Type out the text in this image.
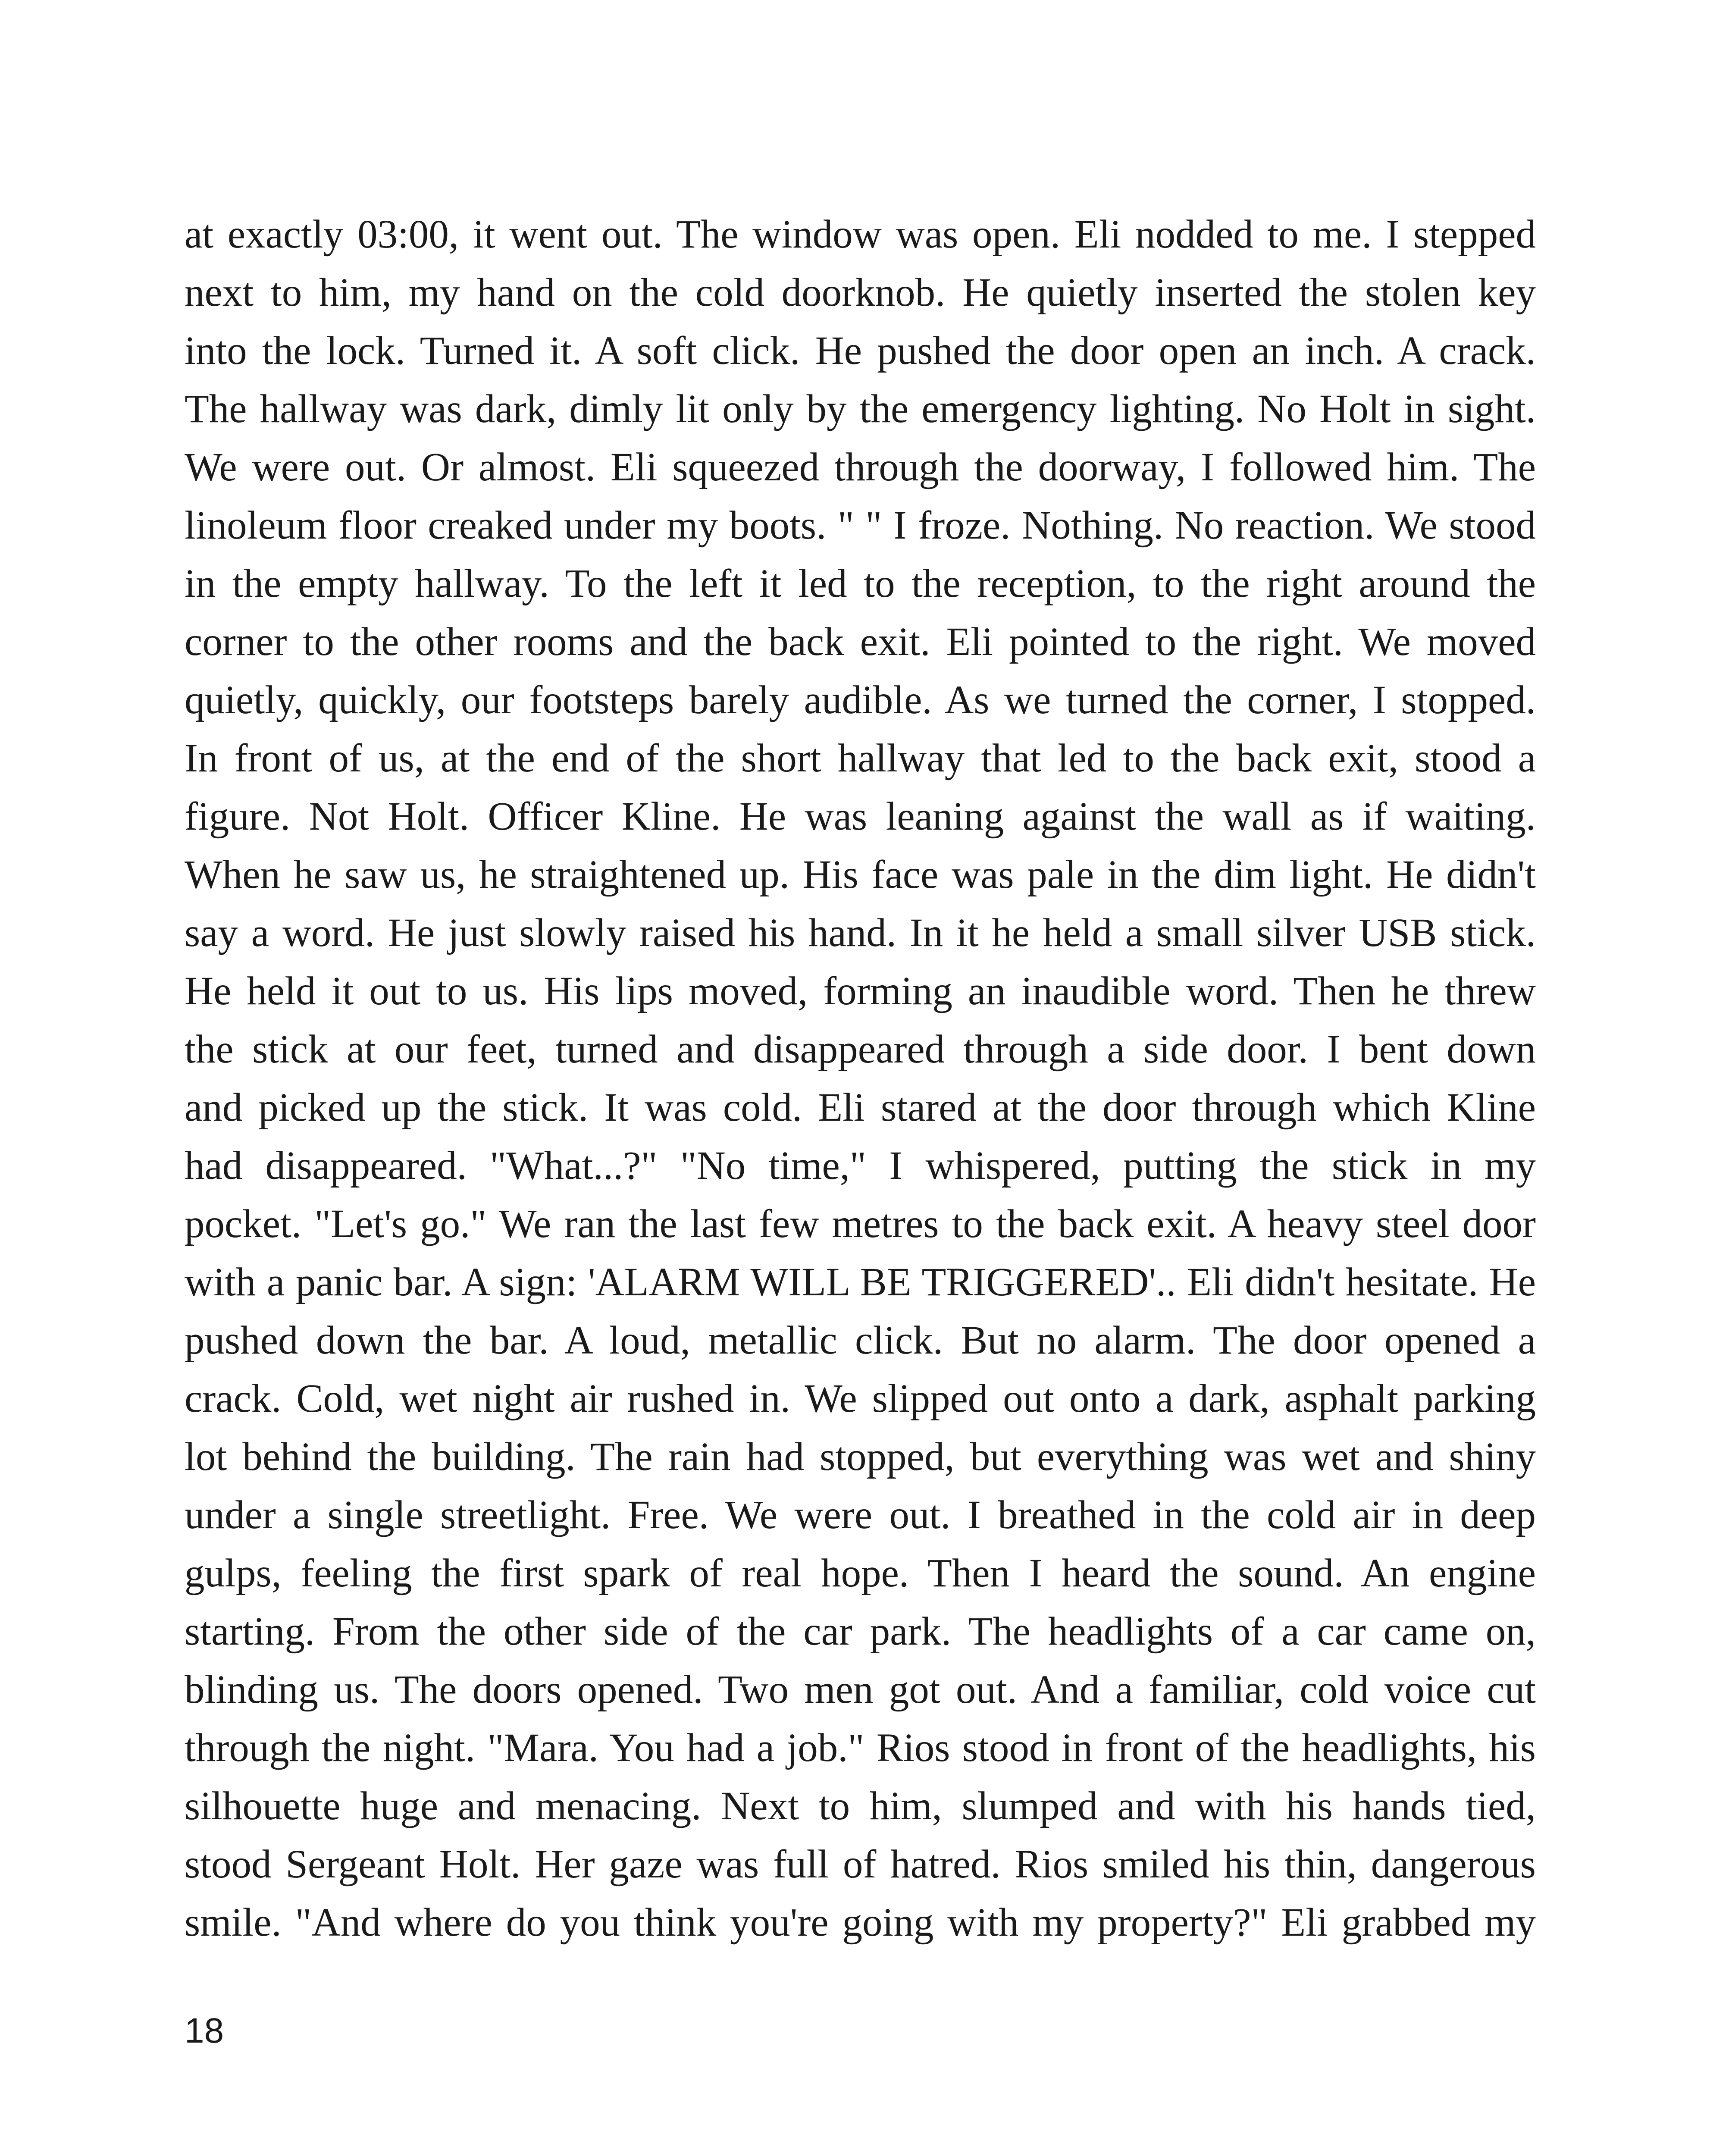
at exactly 03:00, it went out. The window was open. Eli nodded to me. I stepped
next to him, my hand on the cold doorknob. He quietly inserted the stolen key
into the lock. Turned it. A soft click. He pushed the door open an inch. A crack.
The hallway was dark, dimly lit only by the emergency lighting. No Holt in sight.
We were out. Or almost. Eli squeezed through the doorway, I followed him. The
linoleum floor creaked under my boots. " " I froze. Nothing. No reaction. We stood
in the empty hallway. To the left it led to the reception, to the right around the
corner to the other rooms and the back exit. Eli pointed to the right. We moved
quietly, quickly, our footsteps barely audible. As we turned the corner, I stopped.
In front of us, at the end of the short hallway that led to the back exit, stood a
figure. Not Holt. Officer Kline. He was leaning against the wall as if waiting.
When he saw us, he straightened up. His face was pale in the dim light. He didn't
say a word. He just slowly raised his hand. In it he held a small silver USB stick.
He held it out to us. His lips moved, forming an inaudible word. Then he threw
the stick at our feet, turned and disappeared through a side door. I bent down
and picked up the stick. It was cold. Eli stared at the door through which Kline
had disappeared. "What...?" "No time," I whispered, putting the stick in my
pocket. "Let's go." We ran the last few metres to the back exit. A heavy steel door
with a panic bar. A sign: 'ALARM WILL BE TRIGGERED'.. Eli didn't hesitate. He
pushed down the bar. A loud, metallic click. But no alarm. The door opened a
crack. Cold, wet night air rushed in. We slipped out onto a dark, asphalt parking
lot behind the building. The rain had stopped, but everything was wet and shiny
under a single streetlight. Free. We were out. I breathed in the cold air in deep
gulps, feeling the first spark of real hope. Then I heard the sound. An engine
starting. From the other side of the car park. The headlights of a car came on,
blinding us. The doors opened. Two men got out. And a familiar, cold voice cut
through the night. "Mara. You had a job." Rios stood in front of the headlights, his
silhouette huge and menacing. Next to him, slumped and with his hands tied,
stood Sergeant Holt. Her gaze was full of hatred. Rios smiled his thin, dangerous
smile. "And where do you think you're going with my property?" Eli grabbed my
18
